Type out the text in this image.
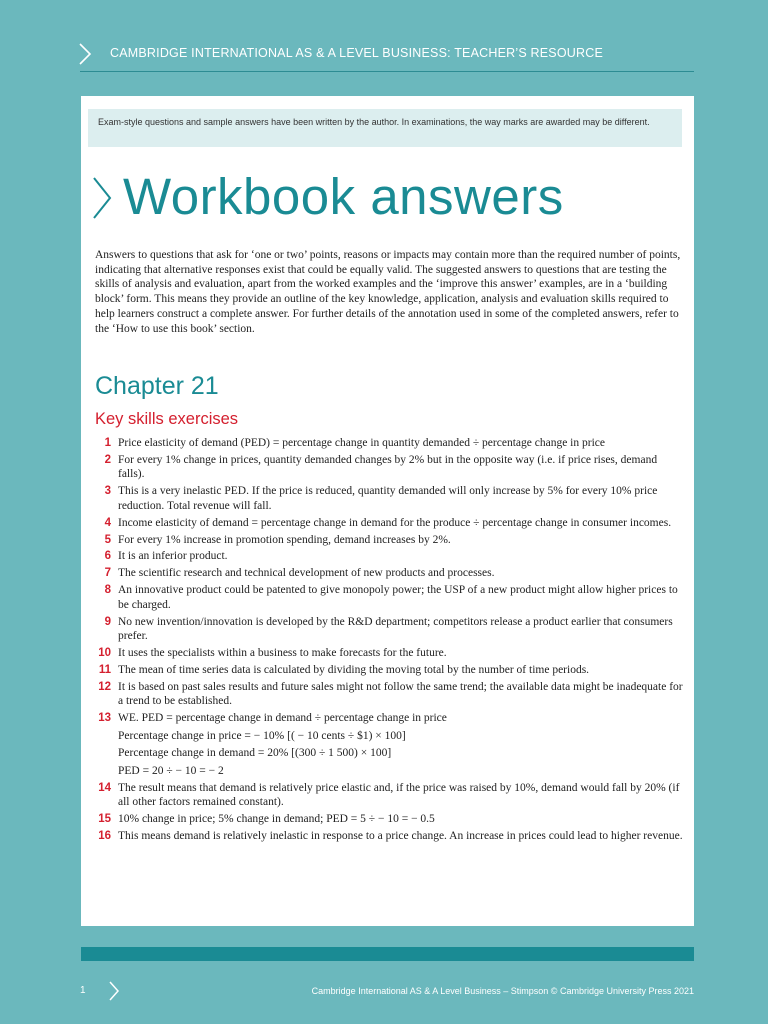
CAMBRIDGE INTERNATIONAL AS & A LEVEL BUSINESS: TEACHER’S RESOURCE
Exam-style questions and sample answers have been written by the author. In examinations, the way marks are awarded may be different.
Workbook answers

Answers to questions that ask for ‘one or two’ points, reasons or impacts may contain more than the required number of points, indicating that alternative responses exist that could be equally valid. The suggested answers to questions that are testing the skills of analysis and evaluation, apart from the worked examples and the ‘improve this answer’ examples, are in a ‘building block’ form. This means they provide an outline of the key knowledge, application, analysis and evaluation skills required to help learners construct a complete answer. For further details of the annotation used in some of the completed answers, refer to the ‘How to use this book’ section.

Chapter 21
Key skills exercises
1 Price elasticity of demand (PED) = percentage change in quantity demanded ÷ percentage change in price
2 For every 1% change in prices, quantity demanded changes by 2% but in the opposite way (i.e. if price rises, demand falls).
3 This is a very inelastic PED. If the price is reduced, quantity demanded will only increase by 5% for every 10% price reduction. Total revenue will fall.
4 Income elasticity of demand = percentage change in demand for the produce ÷ percentage change in consumer incomes.
5 For every 1% increase in promotion spending, demand increases by 2%.
6 It is an inferior product.
7 The scientific research and technical development of new products and processes.
8 An innovative product could be patented to give monopoly power; the USP of a new product might allow higher prices to be charged.
9 No new invention/innovation is developed by the R&D department; competitors release a product earlier that consumers prefer.
10 It uses the specialists within a business to make forecasts for the future.
11 The mean of time series data is calculated by dividing the moving total by the number of time periods.
12 It is based on past sales results and future sales might not follow the same trend; the available data might be inadequate for a trend to be established.
13 WE. PED = percentage change in demand ÷ percentage change in price
Percentage change in price = − 10% [( − 10 cents ÷ $1) × 100]
Percentage change in demand = 20% [(300 ÷ 1 500) × 100]
PED = 20 ÷ − 10 = − 2
14 The result means that demand is relatively price elastic and, if the price was raised by 10%, demand would fall by 20% (if all other factors remained constant).
15 10% change in price; 5% change in demand; PED = 5 ÷ − 10 = − 0.5
16 This means demand is relatively inelastic in response to a price change. An increase in prices could lead to higher revenue.
1	Cambridge International AS & A Level Business – Stimpson © Cambridge University Press 2021
